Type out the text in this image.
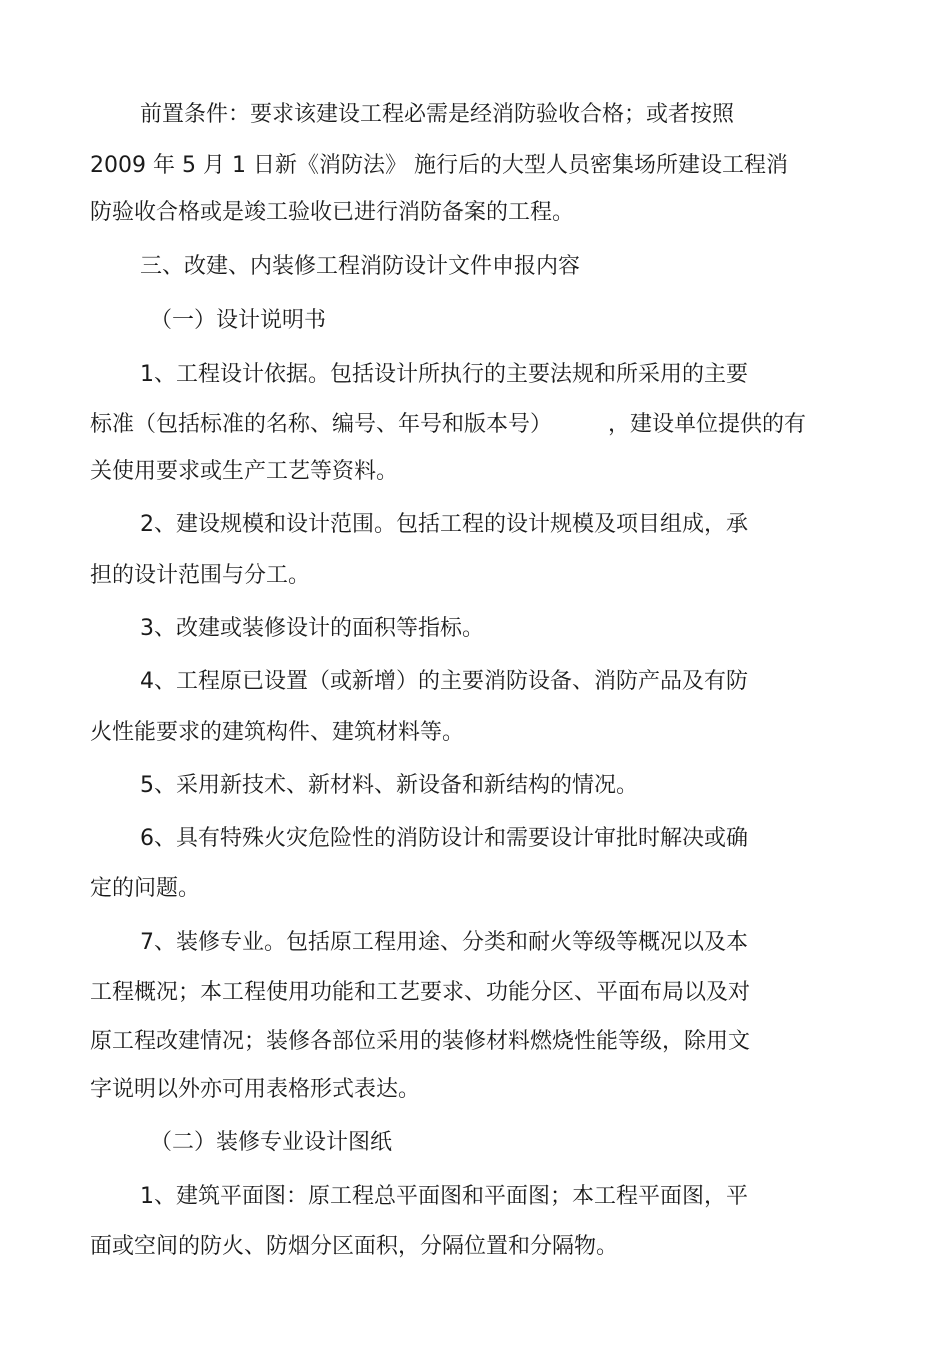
前置条件：要求该建设工程必需是经消防验收合格；或者按照
2009 年 5 月 1 日新《消防法》 施行后的大型人员密集场所建设工程消
防验收合格或是竣工验收已进行消防备案的工程。
三、改建、内装修工程消防设计文件申报内容
（一）设计说明书
1、工程设计依据。包括设计所执行的主要法规和所采用的主要
标准（包括标准的名称、编号、年号和版本号）        ，建设单位提供的有
关使用要求或生产工艺等资料。
2、建设规模和设计范围。包括工程的设计规模及项目组成，承
担的设计范围与分工。
3、改建或装修设计的面积等指标。
4、工程原已设置（或新增）的主要消防设备、消防产品及有防
火性能要求的建筑构件、建筑材料等。
5、采用新技术、新材料、新设备和新结构的情况。
6、具有特殊火灾危险性的消防设计和需要设计审批时解决或确
定的问题。
7、装修专业。包括原工程用途、分类和耐火等级等概况以及本
工程概况；本工程使用功能和工艺要求、功能分区、平面布局以及对
原工程改建情况；装修各部位采用的装修材料燃烧性能等级，除用文
字说明以外亦可用表格形式表达。
（二）装修专业设计图纸
1、建筑平面图：原工程总平面图和平面图；本工程平面图，平
面或空间的防火、防烟分区面积，分隔位置和分隔物。
